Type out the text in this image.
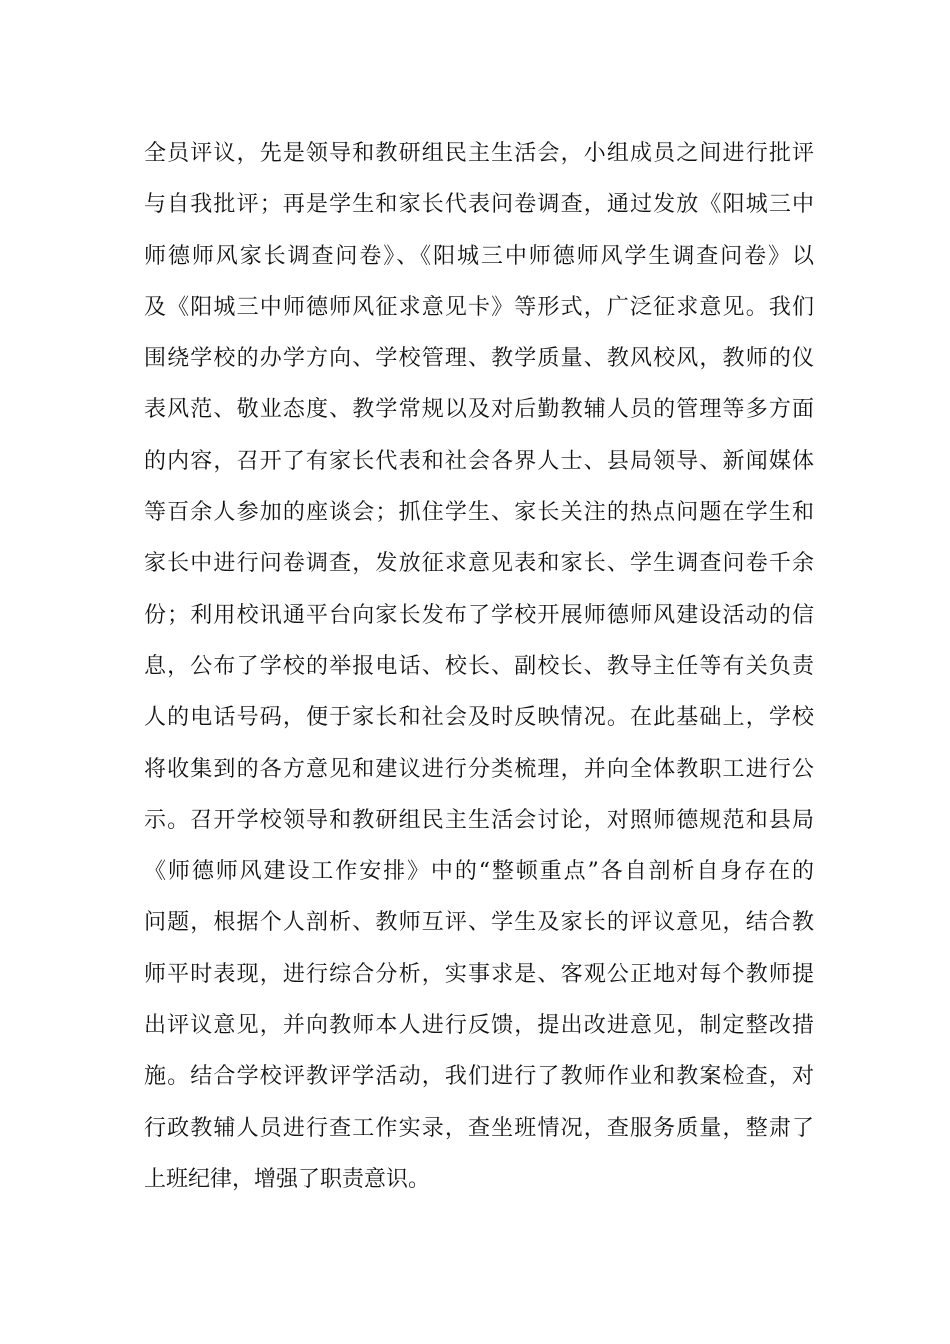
全员评议，先是领导和教研组民主生活会，小组成员之间进行批评
与自我批评；再是学生和家长代表问卷调查，通过发放《阳城三中
师德师风家长调查问卷》、《阳城三中师德师风学生调查问卷》以
及《阳城三中师德师风征求意见卡》等形式，广泛征求意见。我们
围绕学校的办学方向、学校管理、教学质量、教风校风，教师的仪
表风范、敬业态度、教学常规以及对后勤教辅人员的管理等多方面
的内容，召开了有家长代表和社会各界人士、县局领导、新闻媒体
等百余人参加的座谈会；抓住学生、家长关注的热点问题在学生和
家长中进行问卷调查，发放征求意见表和家长、学生调查问卷千余
份；利用校讯通平台向家长发布了学校开展师德师风建设活动的信
息，公布了学校的举报电话、校长、副校长、教导主任等有关负责
人的电话号码，便于家长和社会及时反映情况。在此基础上，学校
将收集到的各方意见和建议进行分类梳理，并向全体教职工进行公
示。召开学校领导和教研组民主生活会讨论，对照师德规范和县局
《师德师风建设工作安排》中的“整顿重点”各自剖析自身存在的
问题，根据个人剖析、教师互评、学生及家长的评议意见，结合教
师平时表现，进行综合分析，实事求是、客观公正地对每个教师提
出评议意见，并向教师本人进行反馈，提出改进意见，制定整改措
施。结合学校评教评学活动，我们进行了教师作业和教案检查，对
行政教辅人员进行查工作实录，查坐班情况，查服务质量，整肃了
上班纪律，增强了职责意识。
